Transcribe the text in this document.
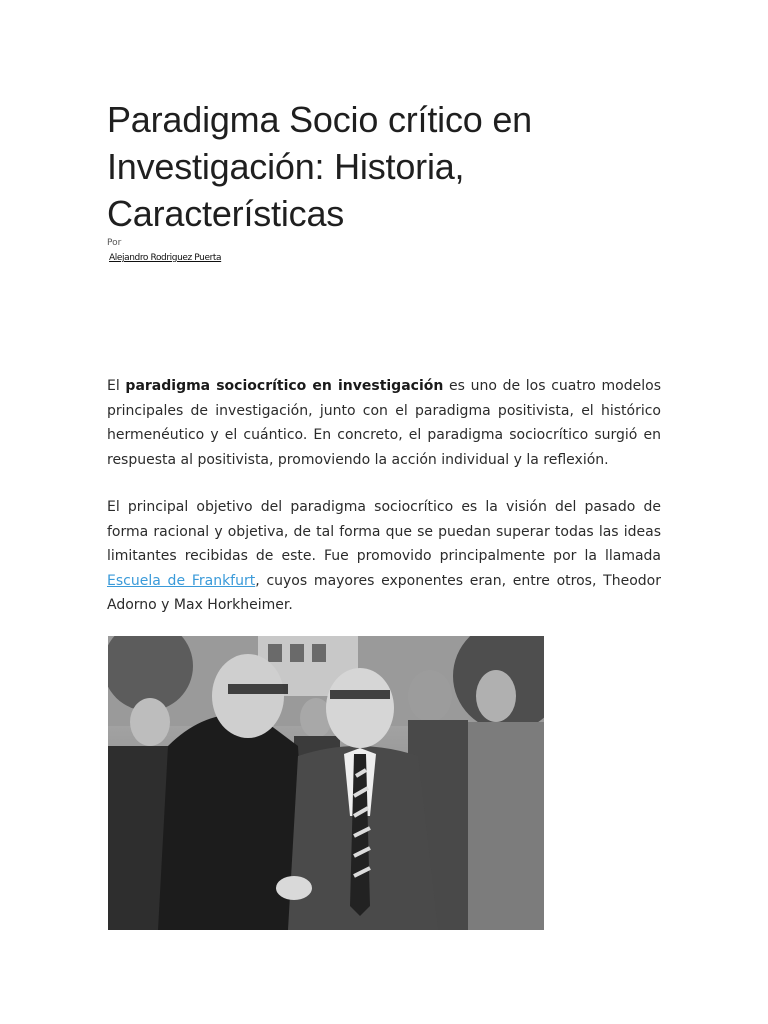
Paradigma Socio crítico en Investigación: Historia, Características
Por
Alejandro Rodriguez Puerta

El paradigma sociocrítico en investigación es uno de los cuatro modelos principales de investigación, junto con el paradigma positivista, el histórico hermenéutico y el cuántico. En concreto, el paradigma sociocrítico surgió en respuesta al positivista, promoviendo la acción individual y la reflexión.

El principal objetivo del paradigma sociocrítico es la visión del pasado de forma racional y objetiva, de tal forma que se puedan superar todas las ideas limitantes recibidas de este. Fue promovido principalmente por la llamada Escuela de Frankfurt, cuyos mayores exponentes eran, entre otros, Theodor Adorno y Max Horkheimer.
